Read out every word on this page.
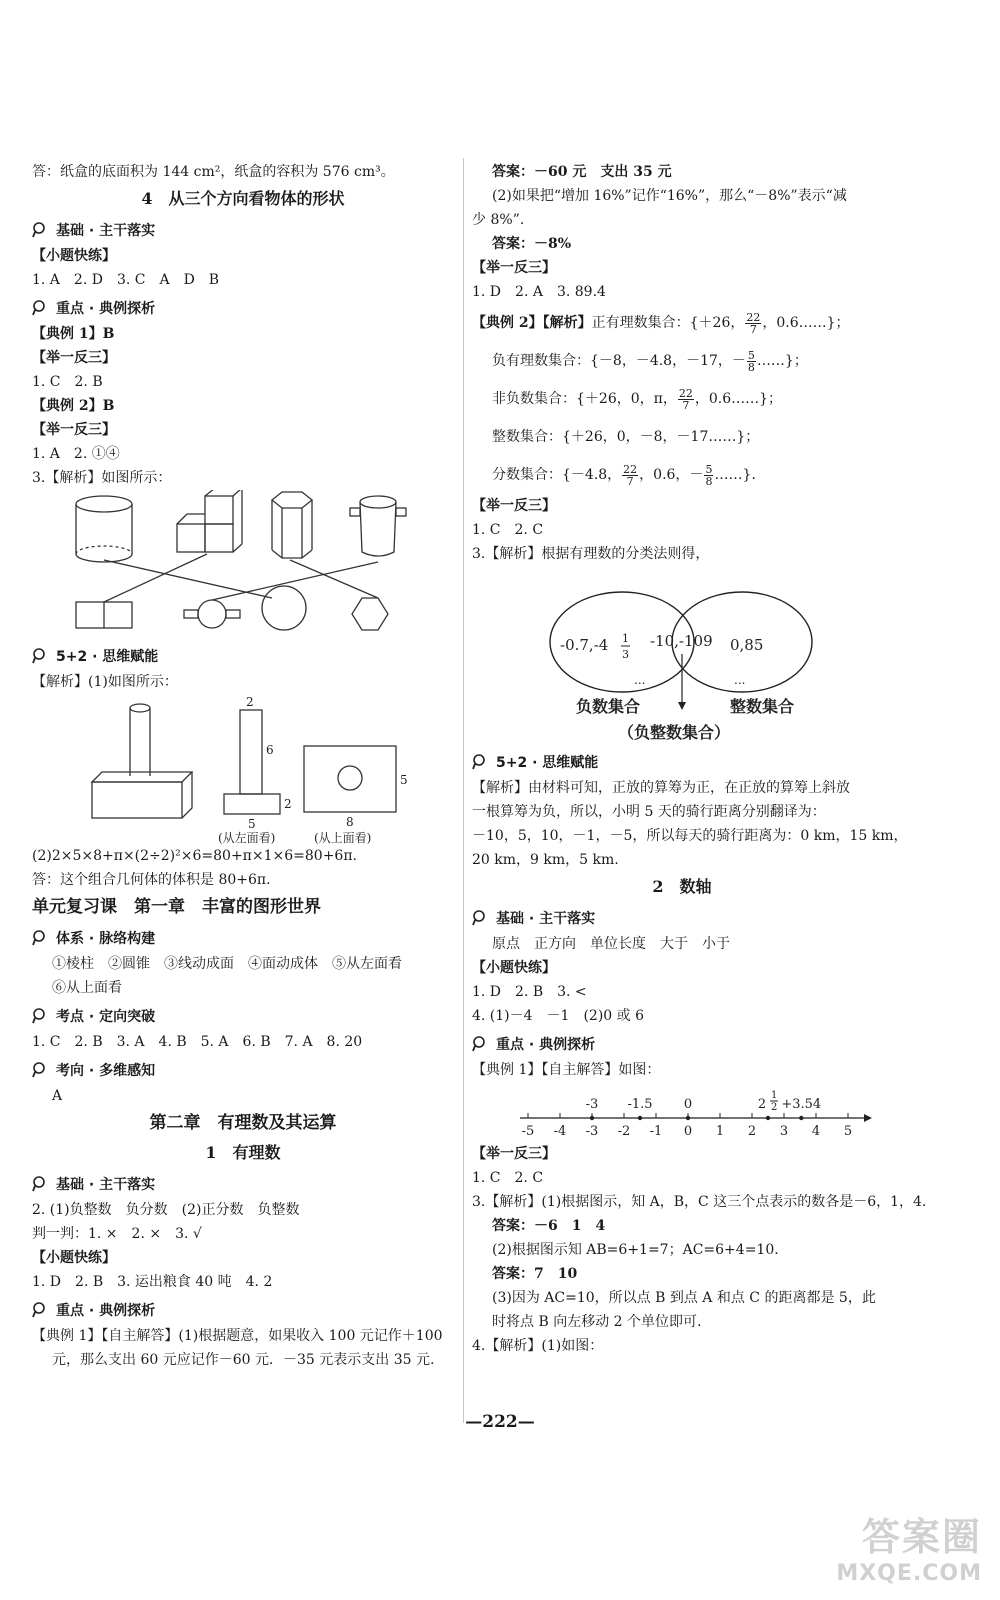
答：纸盒的底面积为 144 cm²，纸盒的容积为 576 cm³。
4　从三个方向看物体的形状
基础 · 主干落实
【小题快练】
1. A　2. D　3. C　A　D　B
重点 · 典例探析
【典例 1】B
【举一反三】
1. C　2. B
【典例 2】B
【举一反三】
1. A　2. ①④
3.【解析】如图所示：
5+2 · 思维赋能
【解析】(1)如图所示：
2
6
2
5	8
5
(从左面看)	(从上面看)
(2)2×5×8+π×(2÷2)²×6=80+π×1×6=80+6π.
答：这个组合几何体的体积是 80+6π.
单元复习课　第一章　丰富的图形世界
体系 · 脉络构建
①棱柱　②圆锥　③线动成面　④面动成体　⑤从左面看
⑥从上面看
考点 · 定向突破
1. C　2. B　3. A　4. B　5. A　6. B　7. A　8. 20
考向 · 多维感知
A
第二章　有理数及其运算
1　有理数
基础 · 主干落实
2. (1)负整数　负分数　(2)正分数　负整数
判一判：1. ×　2. ×　3. √
【小题快练】
1. D　2. B　3. 运出粮食 40 吨　4. 2
重点 · 典例探析
【典例 1】【自主解答】(1)根据题意，如果收入 100 元记作＋100
元，那么支出 60 元应记作－60 元．－35 元表示支出 35 元.
答案：－60 元　支出 35 元
(2)如果把“增加 16%”记作“16%”，那么“－8%”表示“减
少 8%”.
答案：－8%
【举一反三】
1. D　2. A　3. 89.4
【典例 2】【解析】正有理数集合：{＋26， $\frac{22}{7}$ ，0.6……}；
负有理数集合：{－8，－4.8，－17，－ $\frac{5}{8}$ ……}；
非负数集合：{＋26，0，π， $\frac{22}{7}$ ，0.6……}；
整数集合：{＋26，0，－8，－17……}；
分数集合：{－4.8， $\frac{22}{7}$ ，0.6，－ $\frac{5}{8}$ ……}.
【举一反三】
1. C　2. C
3.【解析】根据有理数的分类法则得，
-0.7,-4 1
3
-10,-109 0,85
...	...
负数集合	整数集合
（负整数集合）
5+2 · 思维赋能
【解析】由材料可知，正放的算筹为正，在正放的算筹上斜放
一根算筹为负，所以，小明 5 天的骑行距离分别翻译为：
－10，5，10，－1，－5，所以每天的骑行距离为：0 km，15 km，
20 km，9 km，5 km.
2　数轴
基础 · 主干落实
原点　正方向　单位长度　大于　小于
【小题快练】
1. D　2. B　3. <
4. (1)－4　－1　(2)0 或 6
重点 · 典例探析
【典例 1】【自主解答】如图：
-5 -4 -3 -2 -1 0 1 2 3 4 5
-3 -1.5 0	2
1
2 +3.54
【举一反三】
1. C　2. C
3.【解析】(1)根据图示，知 A，B，C 这三个点表示的数各是－6，1，4.
答案：－6　1　4
(2)根据图示知 AB=6+1=7；AC=6+4=10.
答案：7　10
(3)因为 AC=10，所以点 B 到点 A 和点 C 的距离都是 5，此
时将点 B 向左移动 2 个单位即可.
4.【解析】(1)如图：
—222—
答案圈
MXQE.COM
